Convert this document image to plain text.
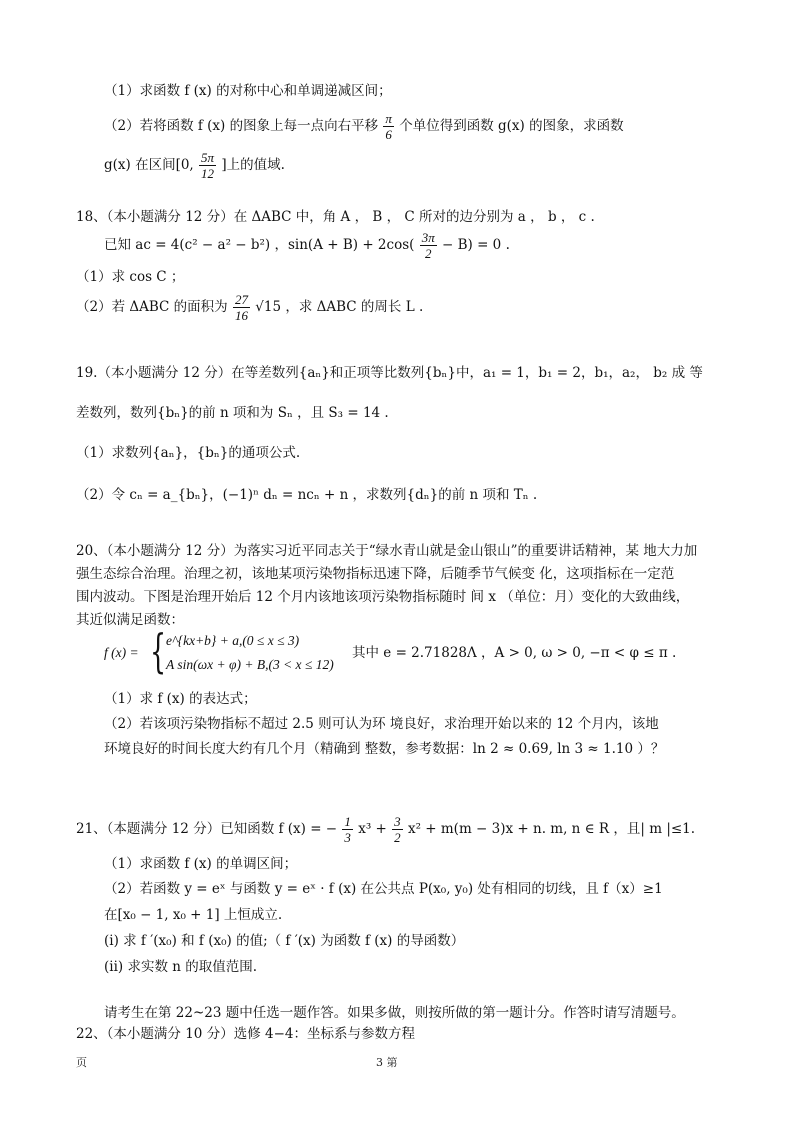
（1）求函数 f (x) 的对称中心和单调递减区间；
（2）若将函数 f (x) 的图象上每一点向右平移 $\frac{\pi}{6}$ 个单位得到函数 g(x) 的图象，求函数
g(x) 在区间[0, $\frac{5\pi}{12}$ ]上的值域.
18、（本小题满分 12 分）在 ΔABC 中，角 A ， B ， C 所对的边分别为 a ， b ， c .
已知 ac = 4(c² − a² − b²) ，$\sin(A + B) + 2\cos( \frac{3\pi}{2} - B) = 0$ .
（1）求 cos C ；
（2）若 ΔABC 的面积为 $\frac{27}{16} √15$ ，求 ΔABC 的周长 L .
19.（本小题满分 12 分）在等差数列{aₙ}和正项等比数列{bₙ}中，a₁ = 1，b₁ = 2，b₁，a₂， b₂ 成 等
差数列，数列{bₙ}的前 n 项和为 Sₙ ，且 S₃ = 14 .
（1）求数列{aₙ}，{bₙ}的通项公式.
（2）令 cₙ = a_{bₙ}，(−1)ⁿ dₙ = ncₙ + n ，求数列{dₙ}的前 n 项和 Tₙ .
20、（本小题满分 12 分）为落实习近平同志关于“绿水青山就是金山银山”的重要讲话精神，某 地大力加
强生态综合治理。治理之初，该地某项污染物指标迅速下降，后随季节气候变 化，这项指标在一定范
围内波动。下图是治理开始后 12 个月内该地该项污染物指标随时 间 x （单位：月）变化的大致曲线，
其近似满足函数：
f (x) = { e^{kx+b} + a,(0 ≤ x ≤ 3)
A sin(ωx + φ) + B,(3 < x ≤ 12)
其中 e = 2.71828Λ ，A > 0, ω > 0, −π < φ ≤ π .
（1）求 f (x) 的表达式；
（2）若该项污染物指标不超过 2.5 则可认为环 境良好，求治理开始以来的 12 个月内，该地
环境良好的时间长度大约有几个月（精确到 整数，参考数据：ln 2 ≈ 0.69, ln 3 ≈ 1.10 ）？
21、（本题满分 12 分）已知函数 f (x) = − $\frac{1}{3} x^3 + \frac{3}{2} x^2 + m(m - 3)x + n$. m, n ∈ R ，且| m |≤1.
（1）求函数 f (x) 的单调区间；
（2）若函数 y = eˣ 与函数 y = eˣ · f (x) 在公共点 P(x₀, y₀) 处有相同的切线，且 f（x）≥1
在[x₀ − 1, x₀ + 1] 上恒成立.
(i) 求 f ′(x₀) 和 f (x₀) 的值;（ f ′(x) 为函数 f (x) 的导函数）
(ii) 求实数 n 的取值范围.
请考生在第 22~23 题中任选一题作答。如果多做，则按所做的第一题计分。作答时请写清题号。
22、（本小题满分 10 分）选修 4−4：坐标系与参数方程
页	3 第
